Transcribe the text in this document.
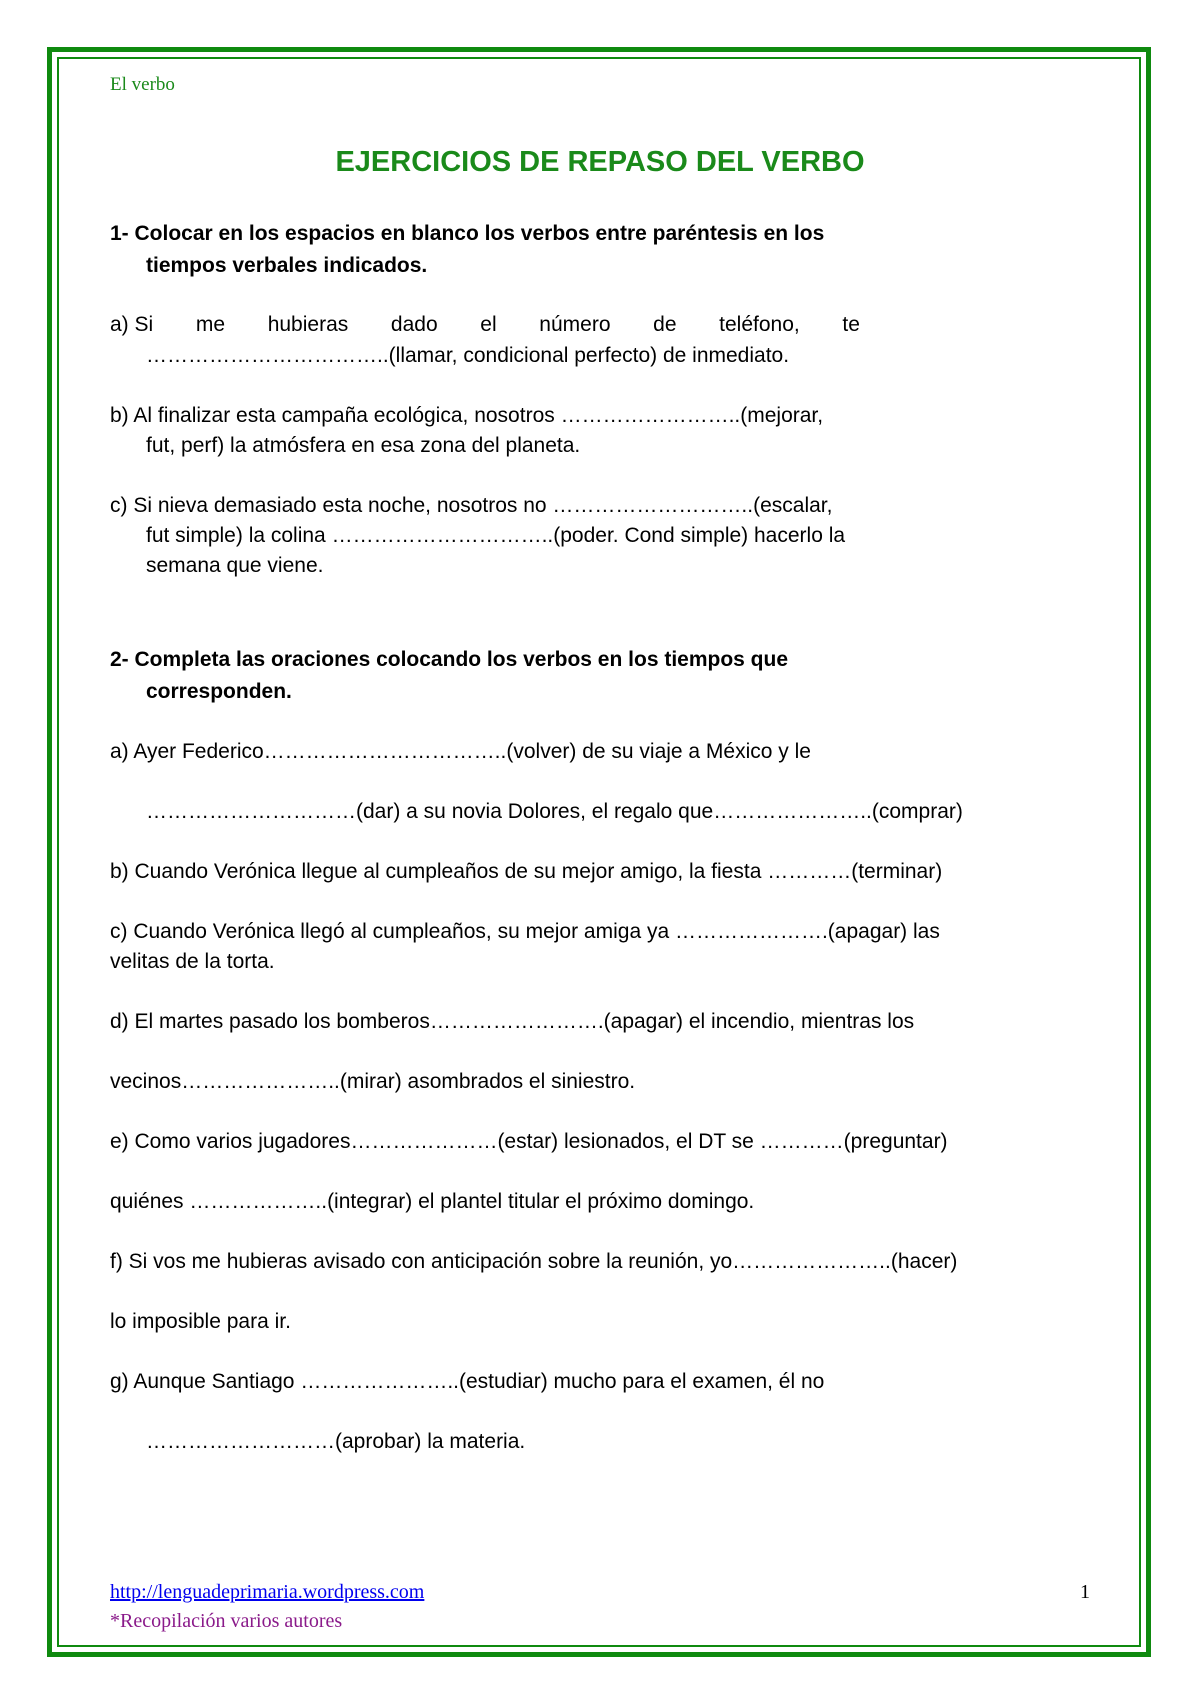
El verbo
EJERCICIOS DE REPASO DEL VERBO
1- Colocar en los espacios en blanco los verbos entre paréntesis en los
tiempos verbales indicados.
a) Si me hubieras dado el número de teléfono, te
……………………………..(llamar, condicional perfecto) de inmediato.
b) Al finalizar esta campaña ecológica, nosotros ……………………..(mejorar,
fut, perf) la atmósfera en esa zona del planeta.
c) Si nieva demasiado esta noche, nosotros no ………………………..(escalar,
fut simple) la colina …………………………..(poder. Cond simple) hacerlo la
semana que viene.
2- Completa las oraciones colocando los verbos en los tiempos que
corresponden.
a) Ayer Federico……………………………..(volver) de su viaje a México y le
…………………………(dar) a su novia Dolores, el regalo que…………………..(comprar)
b) Cuando Verónica llegue al cumpleaños de su mejor amigo, la fiesta …………(terminar)
c) Cuando Verónica llegó al cumpleaños, su mejor amiga ya ………………….(apagar) las
velitas de la torta.
d) El martes pasado los bomberos…………………….(apagar) el incendio, mientras los
vecinos…………………..(mirar) asombrados el siniestro.
e) Como varios jugadores…………………(estar) lesionados, el DT se …………(preguntar)
quiénes ………………..(integrar) el plantel titular el próximo domingo.
f) Si vos me hubieras avisado con anticipación sobre la reunión, yo…………………..(hacer)
lo imposible para ir.
g) Aunque Santiago …………………..(estudiar) mucho para el examen, él no
………………………(aprobar) la materia.
http://lenguadeprimaria.wordpress.com
*Recopilación varios autores
1
